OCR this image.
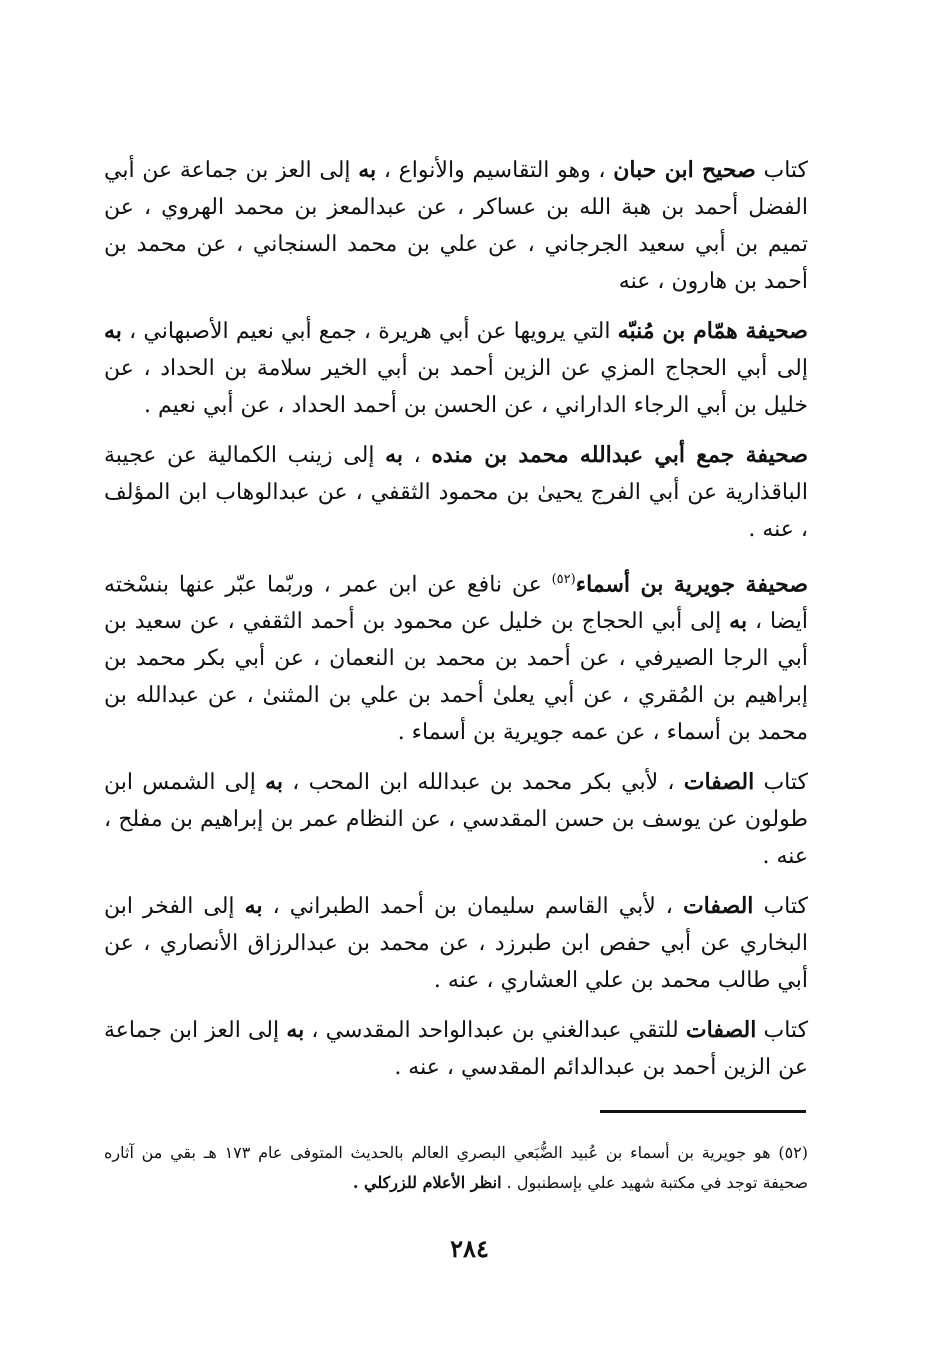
كتاب صحيح ابن حبان ، وهو التقاسيم والأنواع ، به إلى العز بن جماعة عن أبي الفضل أحمد بن هبة الله بن عساكر ، عن عبدالمعز بن محمد الهروي ، عن تميم بن أبي سعيد الجرجاني ، عن علي بن محمد السنجاني ، عن محمد بن أحمد بن هارون ، عنه

صحيفة همّام بن مُنبّه التي يرويها عن أبي هريرة ، جمع أبي نعيم الأصبهاني ، به إلى أبي الحجاج المزي عن الزين أحمد بن أبي الخير سلامة بن الحداد ، عن خليل بن أبي الرجاء الداراني ، عن الحسن بن أحمد الحداد ، عن أبي نعيم .

صحيفة جمع أبي عبدالله محمد بن منده ، به إلى زينب الكمالية عن عجيبة الباقذارية عن أبي الفرج يحيىٰ بن محمود الثقفي ، عن عبدالوهاب ابن المؤلف ، عنه .

صحيفة جويرية بن أسماء$^{(٥٢)}$ عن نافع عن ابن عمر ، وربّما عبّر عنها بنسْخته أيضا ، به إلى أبي الحجاج بن خليل عن محمود بن أحمد الثقفي ، عن سعيد بن أبي الرجا الصيرفي ، عن أحمد بن محمد بن النعمان ، عن أبي بكر محمد بن إبراهيم بن المُقري ، عن أبي يعلىٰ أحمد بن علي بن المثنىٰ ، عن عبدالله بن محمد بن أسماء ، عن عمه جويرية بن أسماء .

كتاب الصفات ، لأبي بكر محمد بن عبدالله ابن المحب ، به إلى الشمس ابن طولون عن يوسف بن حسن المقدسي ، عن النظام عمر بن إبراهيم بن مفلح ، عنه .

كتاب الصفات ، لأبي القاسم سليمان بن أحمد الطبراني ، به إلى الفخر ابن البخاري عن أبي حفص ابن طبرزد ، عن محمد بن عبدالرزاق الأنصاري ، عن أبي طالب محمد بن علي العشاري ، عنه .

كتاب الصفات للتقي عبدالغني بن عبدالواحد المقدسي ، به إلى العز ابن جماعة عن الزين أحمد بن عبدالدائم المقدسي ، عنه .

(٥٢) هو جويرية بن أسماء بن عُبيد الضُّبَعي البصري العالم بالحديث المتوفى عام ١٧٣ هـ بقي من آثاره صحيفة توجد في مكتبة شهيد علي بإسطنبول . انظر الأعلام للزركلي .
٢٨٤
